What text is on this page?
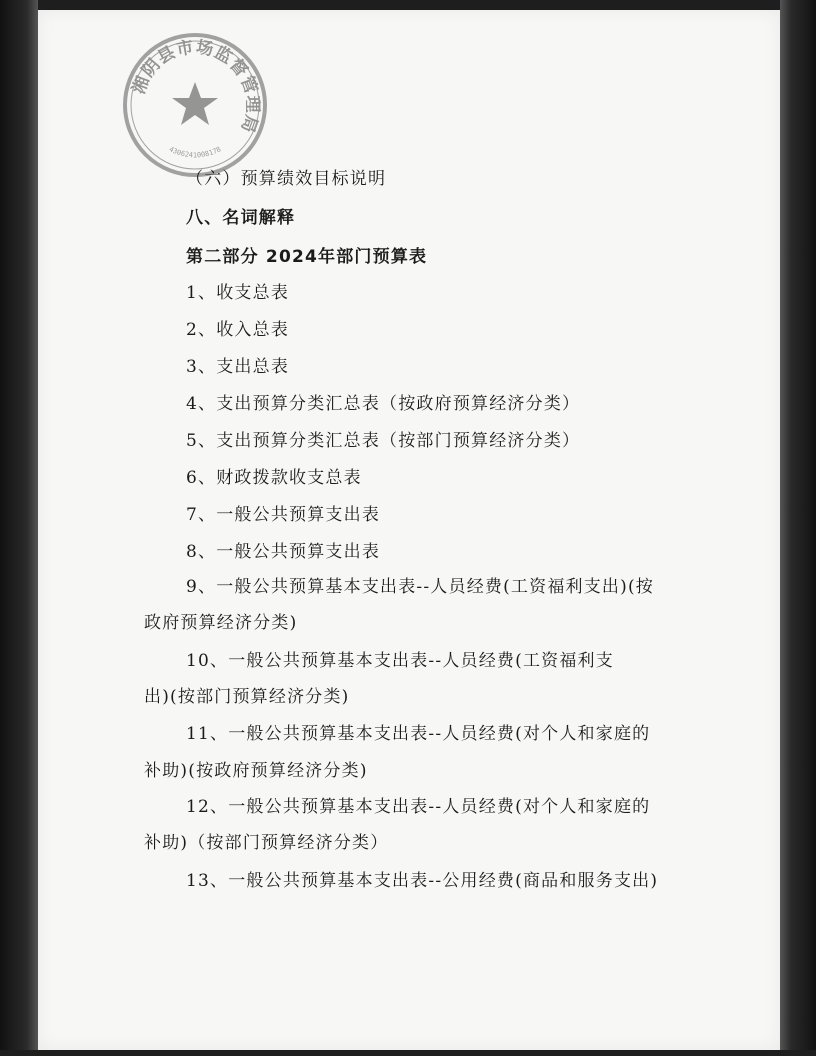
湘阴县市场监督管理局
4306241008178
（六）预算绩效目标说明
八、名词解释
第二部分 2024年部门预算表
1、收支总表
2、收入总表
3、支出总表
4、支出预算分类汇总表（按政府预算经济分类）
5、支出预算分类汇总表（按部门预算经济分类）
6、财政拨款收支总表
7、一般公共预算支出表
8、一般公共预算支出表
9、一般公共预算基本支出表--人员经费(工资福利支出)(按
政府预算经济分类)
10、一般公共预算基本支出表--人员经费(工资福利支
出)(按部门预算经济分类)
11、一般公共预算基本支出表--人员经费(对个人和家庭的
补助)(按政府预算经济分类)
12、一般公共预算基本支出表--人员经费(对个人和家庭的
补助)（按部门预算经济分类）
13、一般公共预算基本支出表--公用经费(商品和服务支出)
